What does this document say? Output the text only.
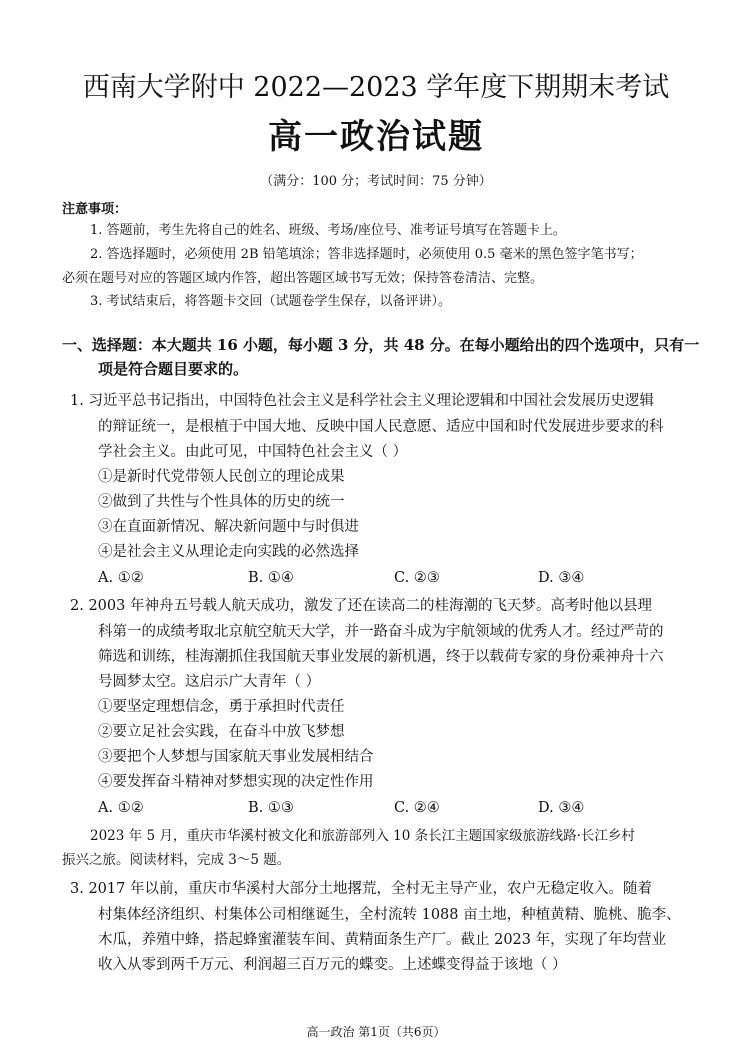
西南大学附中 2022—2023 学年度下期期末考试
高一政治试题
（满分：100 分；考试时间：75 分钟）
注意事项：
1. 答题前，考生先将自己的姓名、班级、考场/座位号、准考证号填写在答题卡上。
2. 答选择题时，必须使用 2B 铅笔填涂；答非选择题时，必须使用 0.5 毫米的黑色签字笔书写；
必须在题号对应的答题区域内作答，超出答题区域书写无效；保持答卷清洁、完整。
3. 考试结束后，将答题卡交回（试题卷学生保存，以备评讲）。
一、选择题：本大题共 16 小题，每小题 3 分，共 48 分。在每小题给出的四个选项中，只有一
项是符合题目要求的。
1. 习近平总书记指出，中国特色社会主义是科学社会主义理论逻辑和中国社会发展历史逻辑
的辩证统一，是根植于中国大地、反映中国人民意愿、适应中国和时代发展进步要求的科
学社会主义。由此可见，中国特色社会主义（ ）
①是新时代党带领人民创立的理论成果
②做到了共性与个性具体的历史的统一
③在直面新情况、解决新问题中与时俱进
④是社会主义从理论走向实践的必然选择
A. ①②	B. ①④	C. ②③	D. ③④
2. 2003 年神舟五号载人航天成功，激发了还在读高二的桂海潮的飞天梦。高考时他以县理
科第一的成绩考取北京航空航天大学，并一路奋斗成为宇航领域的优秀人才。经过严苛的
筛选和训练，桂海潮抓住我国航天事业发展的新机遇，终于以载荷专家的身份乘神舟十六
号圆梦太空。这启示广大青年（ ）
①要坚定理想信念，勇于承担时代责任
②要立足社会实践，在奋斗中放飞梦想
③要把个人梦想与国家航天事业发展相结合
④要发挥奋斗精神对梦想实现的决定性作用
A. ①②	B. ①③	C. ②④	D. ③④
2023 年 5 月，重庆市华溪村被文化和旅游部列入 10 条长江主题国家级旅游线路·长江乡村
振兴之旅。阅读材料，完成 3～5 题。
3. 2017 年以前，重庆市华溪村大部分土地撂荒，全村无主导产业，农户无稳定收入。随着
村集体经济组织、村集体公司相继诞生，全村流转 1088 亩土地，种植黄精、脆桃、脆李、
木瓜，养殖中蜂，搭起蜂蜜灌装车间、黄精面条生产厂。截止 2023 年，实现了年均营业
收入从零到两千万元、利润超三百万元的蝶变。上述蝶变得益于该地（ ）
高一政治 第1页（共6页）
